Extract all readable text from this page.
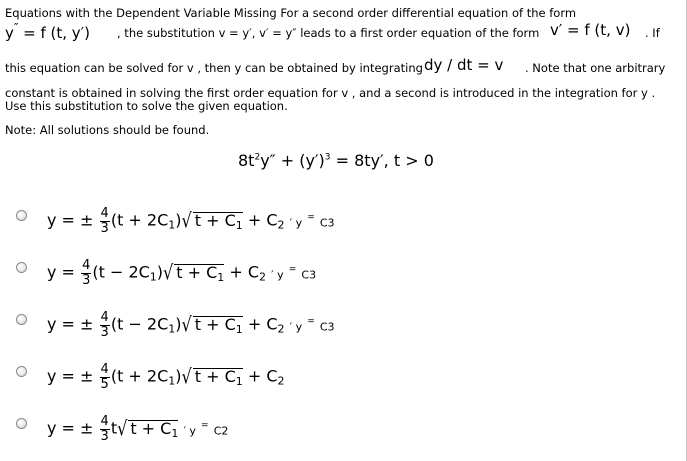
Equations with the Dependent Variable Missing For a second order differential equation of the form
y″ = f (t, y′) , the substitution v = y′, v′ = y″ leads to a first order equation of the form v′ = f (t, v) . If
this equation can be solved for v , then y can be obtained by integrating dy / dt = v . Note that one arbitrary
constant is obtained in solving the first order equation for v , and a second is introduced in the integration for y .
Use this substitution to solve the given equation.
Note: All solutions should be found.
$8t^2y'' + (y')^3 = 8ty'$, t > 0
y = ± $\frac{4}{3} (t + 2C_1)√$ $t + C_1 + C_2$ ′ y = C3
$y = \frac{4}{3} (t - 2C_1)√$ $t + C_1 + C_2$ ′ y = C3
y = ± $\frac{4}{3} (t - 2C_1)√$ $t + C_1 + C_2$ ′ y = C3
y = ± $\frac{4}{5} (t + 2C_1)√$ $t + C_1 + C_2$
y = ± $\frac{4}{3} t√$ $t + C_1$ ′ y = C2
